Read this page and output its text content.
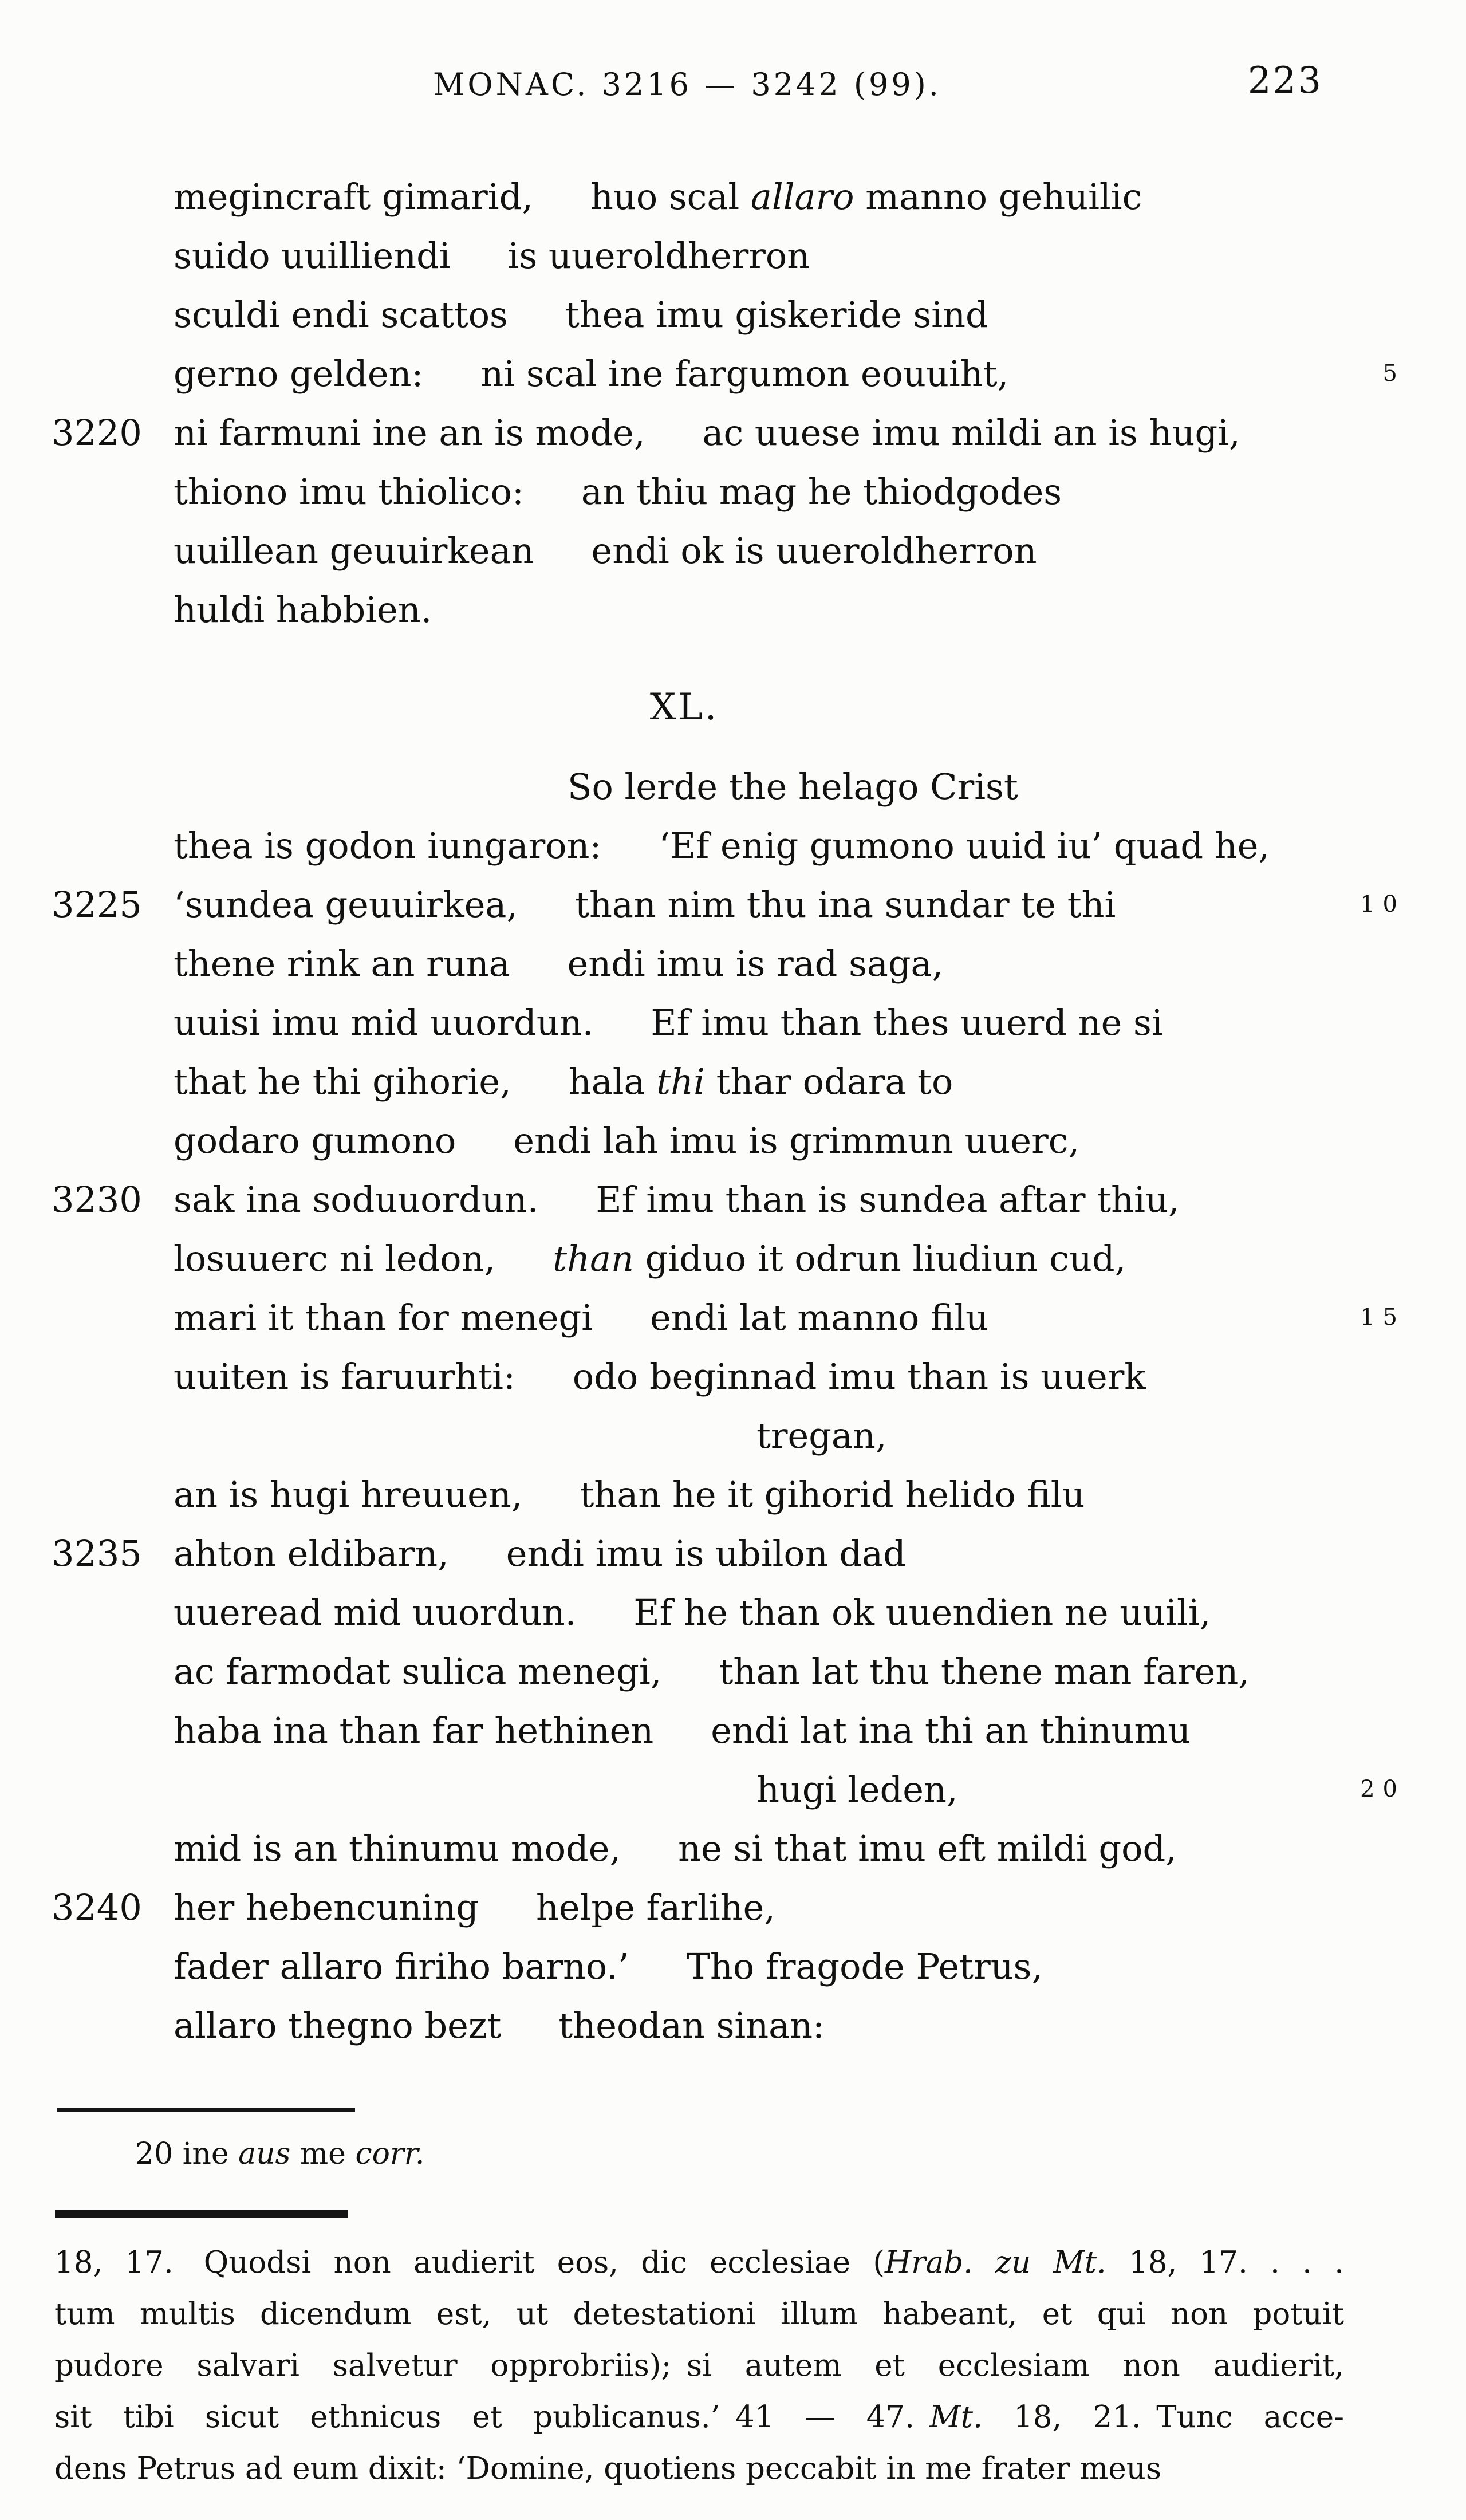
MONAC. 3216 — 3242 (99).	223
megincraft gimarid, huo scal allaro manno gehuilic
suido uuilliendi is uueroldherron
sculdi endi scattos thea imu giskeride sind
gerno gelden: ni scal ine fargumon eouuiht,	5
3220 ni farmuni ine an is mode, ac uuese imu mildi an is hugi,
thiono imu thiolico: an thiu mag he thiodgodes
uuillean geuuirkean endi ok is uueroldherron
huldi habbien.
XL.
So lerde the helago Crist
thea is godon iungaron: ‘Ef enig gumono uuid iu’ quad he,
3225 ‘sundea geuuirkea, than nim thu ina sundar te thi	10
thene rink an runa endi imu is rad saga,
uuisi imu mid uuordun. Ef imu than thes uuerd ne si
that he thi gihorie, hala thi thar odara to
godaro gumono endi lah imu is grimmun uuerc,
3230 sak ina soduuordun. Ef imu than is sundea aftar thiu,
losuuerc ni ledon, than giduo it odrun liudiun cud,
mari it than for menegi endi lat manno filu	15
uuiten is faruurhti: odo beginnad imu than is uuerk
tregan,
an is hugi hreuuen, than he it gihorid helido filu
3235 ahton eldibarn, endi imu is ubilon dad
uueread mid uuordun. Ef he than ok uuendien ne uuili,
ac farmodat sulica menegi, than lat thu thene man faren,
haba ina than far hethinen endi lat ina thi an thinumu
hugi leden,	20
mid is an thinumu mode, ne si that imu eft mildi god,
3240 her hebencuning helpe farlihe,
fader allaro firiho barno.’ Tho fragode Petrus,
allaro thegno bezt theodan sinan:
20 ine aus me corr.
18, 17. Quodsi non audierit eos, dic ecclesiae (Hrab. zu Mt. 18, 17. . . .
tum multis dicendum est, ut detestationi illum habeant, et qui non potuit
pudore salvari salvetur opprobriis); si autem et ecclesiam non audierit,
sit tibi sicut ethnicus et publicanus.’ 41 — 47. Mt. 18, 21. Tunc acce-
dens Petrus ad eum dixit: ‘Domine, quotiens peccabit in me frater meus
